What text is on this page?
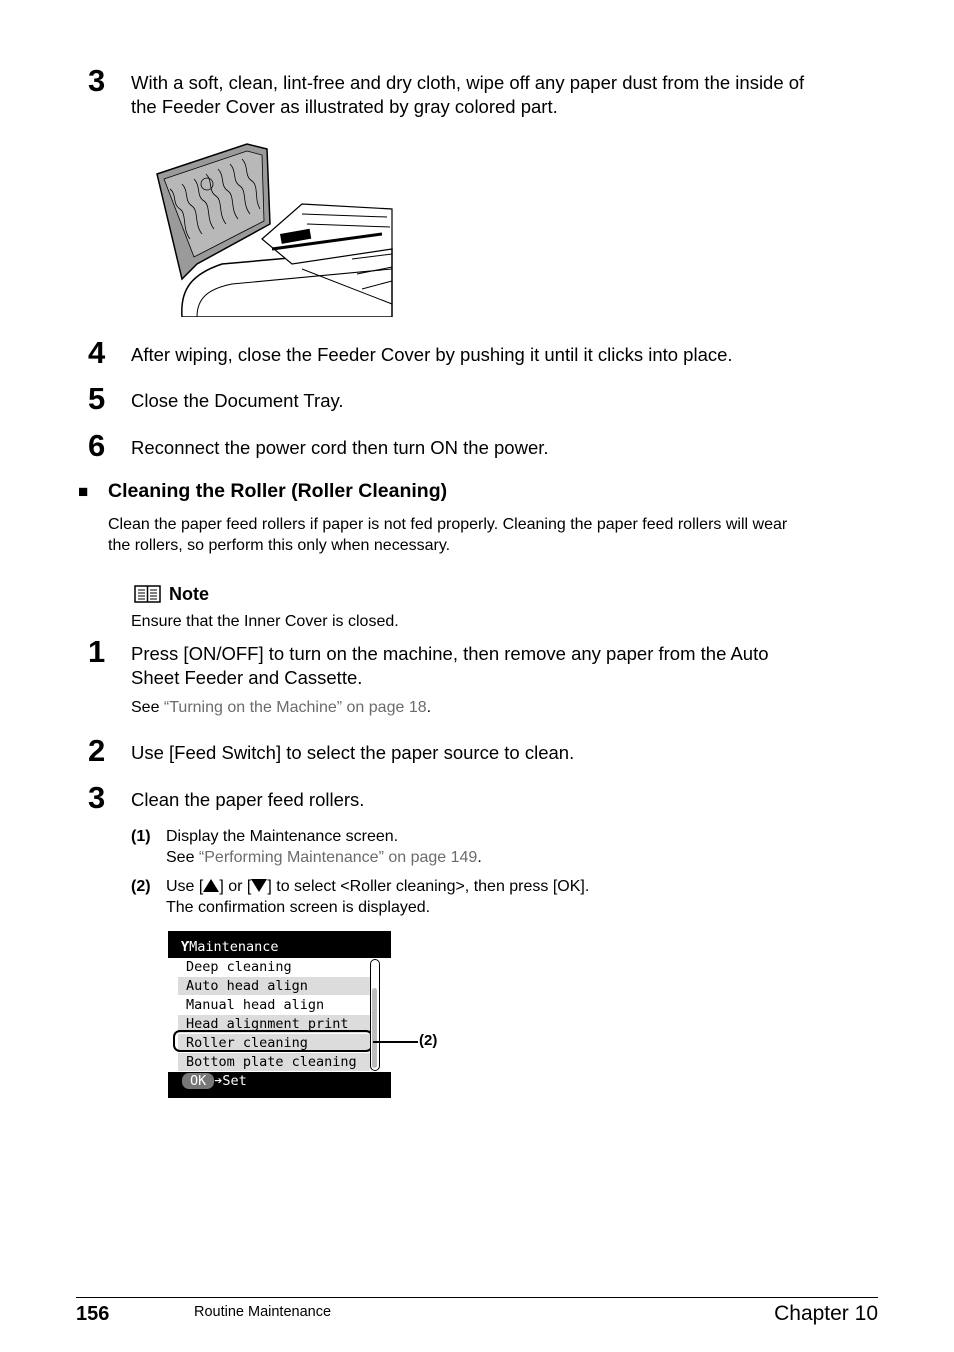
3 With a soft, clean, lint-free and dry cloth, wipe off any paper dust from the inside of
the Feeder Cover as illustrated by gray colored part.
4 After wiping, close the Feeder Cover by pushing it until it clicks into place.
5 Close the Document Tray.
6 Reconnect the power cord then turn ON the power.
■ Cleaning the Roller (Roller Cleaning)
Clean the paper feed rollers if paper is not fed properly. Cleaning the paper feed rollers will wear
the rollers, so perform this only when necessary.
Note
Ensure that the Inner Cover is closed.
1 Press [ON/OFF] to turn on the machine, then remove any paper from the Auto
Sheet Feeder and Cassette.
See “Turning on the Machine” on page 18.
2 Use [Feed Switch] to select the paper source to clean.
3 Clean the paper feed rollers.
(1) Display the Maintenance screen.
See “Performing Maintenance” on page 149.
(2) Use [ ] or [ ] to select <Roller cleaning>, then press [OK].
The confirmation screen is displayed.
ƳMaintenance
Deep cleaning
Auto head align
Manual head align
Head alignment print
Roller cleaning
Bottom plate cleaning
OK ➔Set
(2)
156	Routine Maintenance	Chapter 10
